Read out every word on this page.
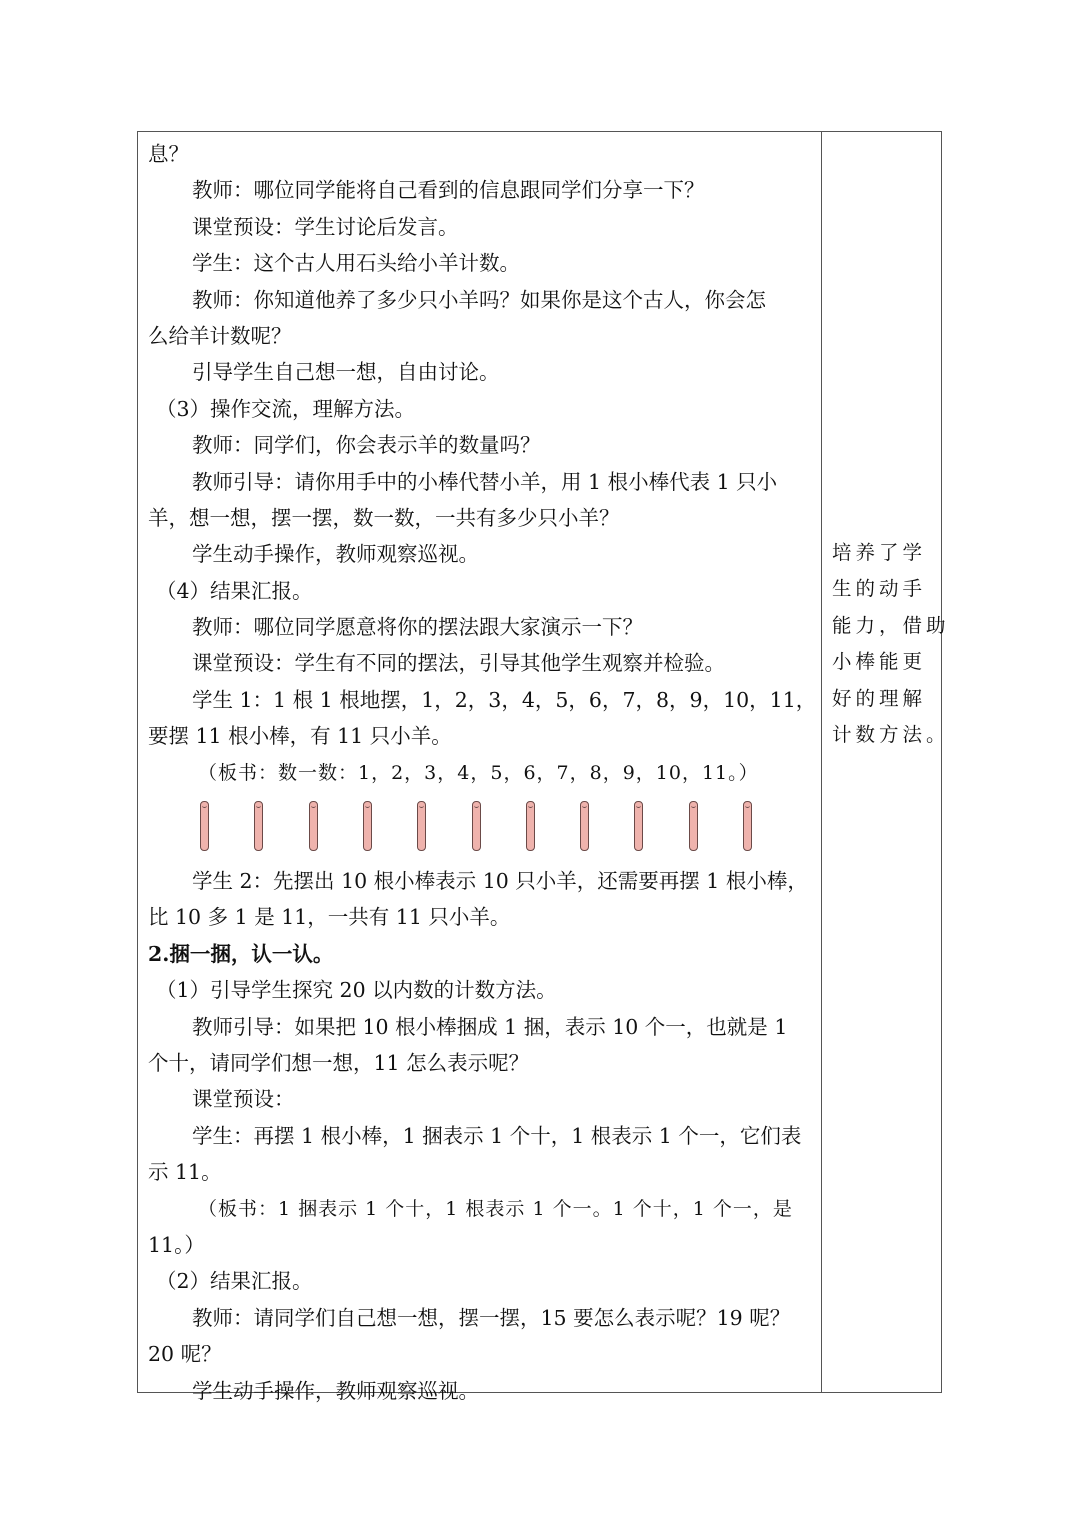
息？
教师：哪位同学能将自己看到的信息跟同学们分享一下？
课堂预设：学生讨论后发言。
学生：这个古人用石头给小羊计数。
教师：你知道他养了多少只小羊吗？如果你是这个古人，你会怎
么给羊计数呢？
引导学生自己想一想，自由讨论。
（3）操作交流，理解方法。
教师：同学们，你会表示羊的数量吗？
教师引导：请你用手中的小棒代替小羊，用 1 根小棒代表 1 只小
羊，想一想，摆一摆，数一数，一共有多少只小羊？
学生动手操作，教师观察巡视。
（4）结果汇报。
教师：哪位同学愿意将你的摆法跟大家演示一下？
课堂预设：学生有不同的摆法，引导其他学生观察并检验。
学生 1：1 根 1 根地摆，1，2，3，4，5，6，7，8，9，10，11，
要摆 11 根小棒，有 11 只小羊。
（板书：数一数：1，2，3，4，5，6，7，8，9，10，11。）
学生 2：先摆出 10 根小棒表示 10 只小羊，还需要再摆 1 根小棒，
比 10 多 1 是 11，一共有 11 只小羊。
2.捆一捆，认一认。
（1）引导学生探究 20 以内数的计数方法。
教师引导：如果把 10 根小棒捆成 1 捆，表示 10 个一，也就是 1
个十，请同学们想一想，11 怎么表示呢？
课堂预设：
学生：再摆 1 根小棒，1 捆表示 1 个十，1 根表示 1 个一，它们表
示 11。
（板书：1 捆表示 1 个十，1 根表示 1 个一。1 个十，1 个一，是
11。）
（2）结果汇报。
教师：请同学们自己想一想，摆一摆，15 要怎么表示呢？19 呢？
20 呢？
学生动手操作，教师观察巡视。
培养了学
生的动手
能力，借助
小棒能更
好的理解
计数方法。
